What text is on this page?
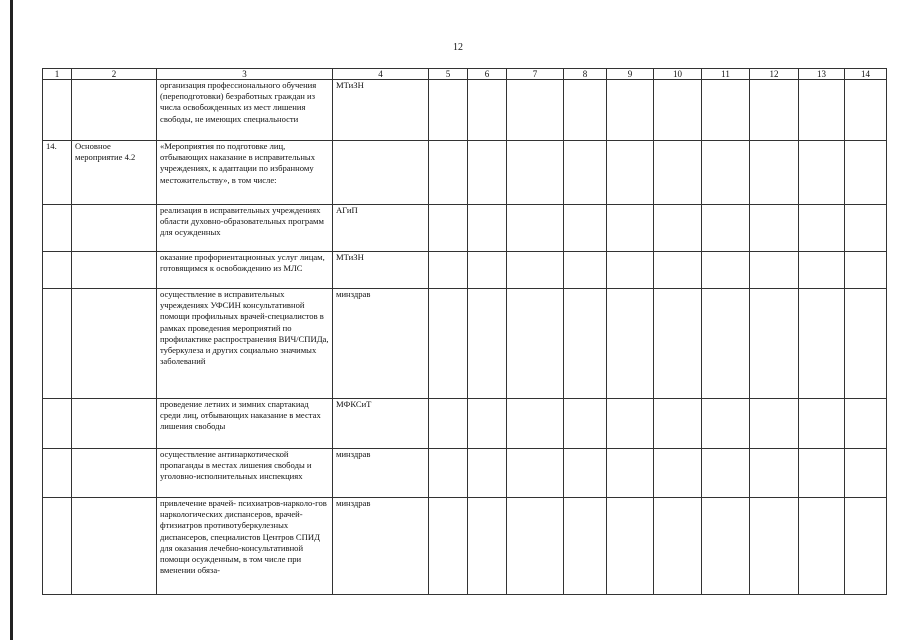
12
1	2	3	4	5	6	7	8	9	10	11	12	13	14
		организация профессионального обучения (переподготовки) безработных граждан из числа освобожденных из мест лишения свободы, не имеющих специальности	МТиЗН										
14.	Основное мероприятие 4.2	«Мероприятия по подготовке лиц, отбывающих наказание в исправительных учреждениях, к адаптации по избранному местожительству», в том числе:											
		реализация в исправительных учреждениях области духовно-образовательных программ для осужденных	АГиП										
		оказание профориентационных услуг лицам, готовящимся к освобождению из МЛС	МТиЗН										
		осуществление в исправительных учреждениях УФСИН консультативной помощи профильных врачей-специалистов в рамках проведения мероприятий по профилактике распространения ВИЧ/СПИДа, туберкулеза и других социально значимых заболеваний	минздрав										
		проведение летних и зимних спартакиад среди лиц, отбывающих наказание в местах лишения свободы	МФКСиТ										
		осуществление антинаркотической пропаганды в местах лишения свободы и уголовно-исполнительных инспекциях	минздрав										
		привлечение врачей- психиатров-нарколо-гов наркологических диспансеров, врачей-фтизиатров противотуберкулезных диспансеров, специалистов Центров СПИД для оказания лечебно-консультативной помощи осужденным, в том числе при вменении обяза-	минздрав										
